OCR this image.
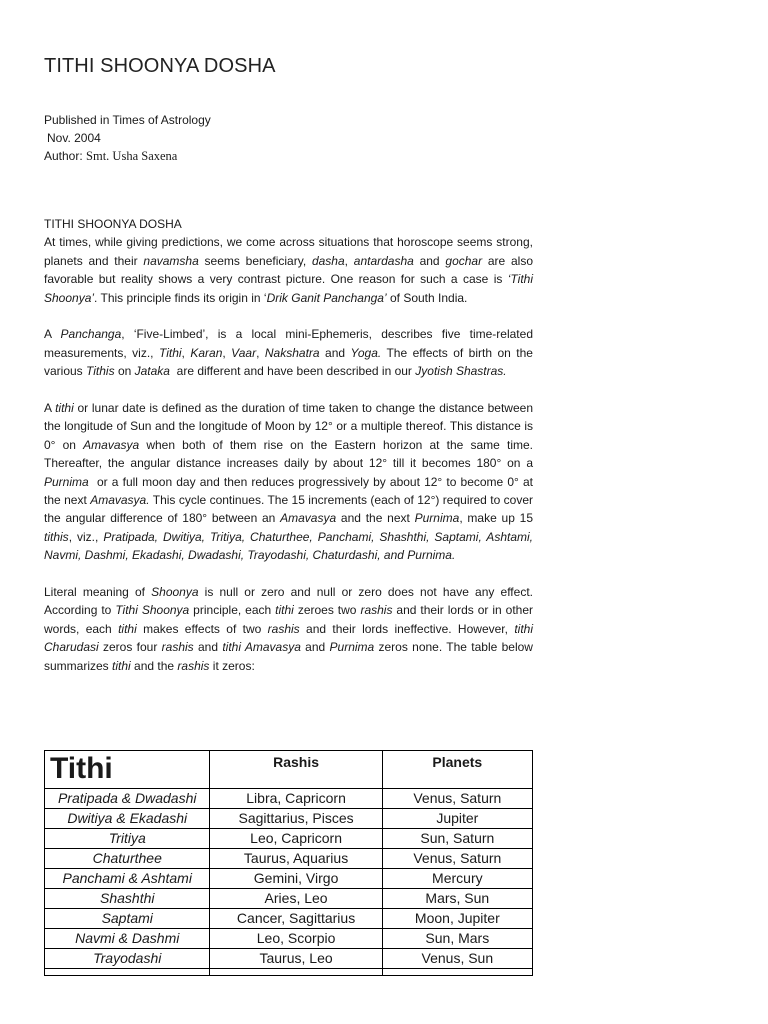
TITHI SHOONYA DOSHA
Published in Times of Astrology
Nov. 2004
Author: Smt. Usha Saxena
TITHI SHOONYA DOSHA

At times, while giving predictions, we come across situations that horoscope seems strong, planets and their navamsha seems beneficiary, dasha, antardasha and gochar are also favorable but reality shows a very contrast picture. One reason for such a case is ‘Tithi Shoonya’. This principle finds its origin in ‘Drik Ganit Panchanga’ of South India.

A Panchanga, ‘Five-Limbed’, is a local mini-Ephemeris, describes five time-related measurements, viz., Tithi, Karan, Vaar, Nakshatra and Yoga. The effects of birth on the various Tithis on Jataka  are different and have been described in our Jyotish Shastras.

A tithi or lunar date is defined as the duration of time taken to change the distance between the longitude of Sun and the longitude of Moon by 12° or a multiple thereof. This distance is 0° on Amavasya when both of them rise on the Eastern horizon at the same time. Thereafter, the angular distance increases daily by about 12° till it becomes 180° on a Purnima  or a full moon day and then reduces progressively by about 12° to become 0° at the next Amavasya. This cycle continues. The 15 increments (each of 12°) required to cover the angular difference of 180° between an Amavasya and the next Purnima, make up 15 tithis, viz., Pratipada, Dwitiya, Tritiya, Chaturthee, Panchami, Shashthi, Saptami, Ashtami, Navmi, Dashmi, Ekadashi, Dwadashi, Trayodashi, Chaturdashi, and Purnima.

Literal meaning of Shoonya is null or zero and null or zero does not have any effect. According to Tithi Shoonya principle, each tithi zeroes two rashis and their lords or in other words, each tithi makes effects of two rashis and their lords ineffective. However, tithi Charudasi zeros four rashis and tithi Amavasya and Purnima zeros none. The table below summarizes tithi and the rashis it zeros:

Tithi	Rashis	Planets
Pratipada & Dwadashi	Libra, Capricorn	Venus, Saturn
Dwitiya & Ekadashi	Sagittarius, Pisces	Jupiter
Tritiya	Leo, Capricorn	Sun, Saturn
Chaturthee	Taurus, Aquarius	Venus, Saturn
Panchami & Ashtami	Gemini, Virgo	Mercury
Shashthi	Aries, Leo	Mars, Sun
Saptami	Cancer, Sagittarius	Moon, Jupiter
Navmi & Dashmi	Leo, Scorpio	Sun, Mars
Trayodashi	Taurus, Leo	Venus, Sun
